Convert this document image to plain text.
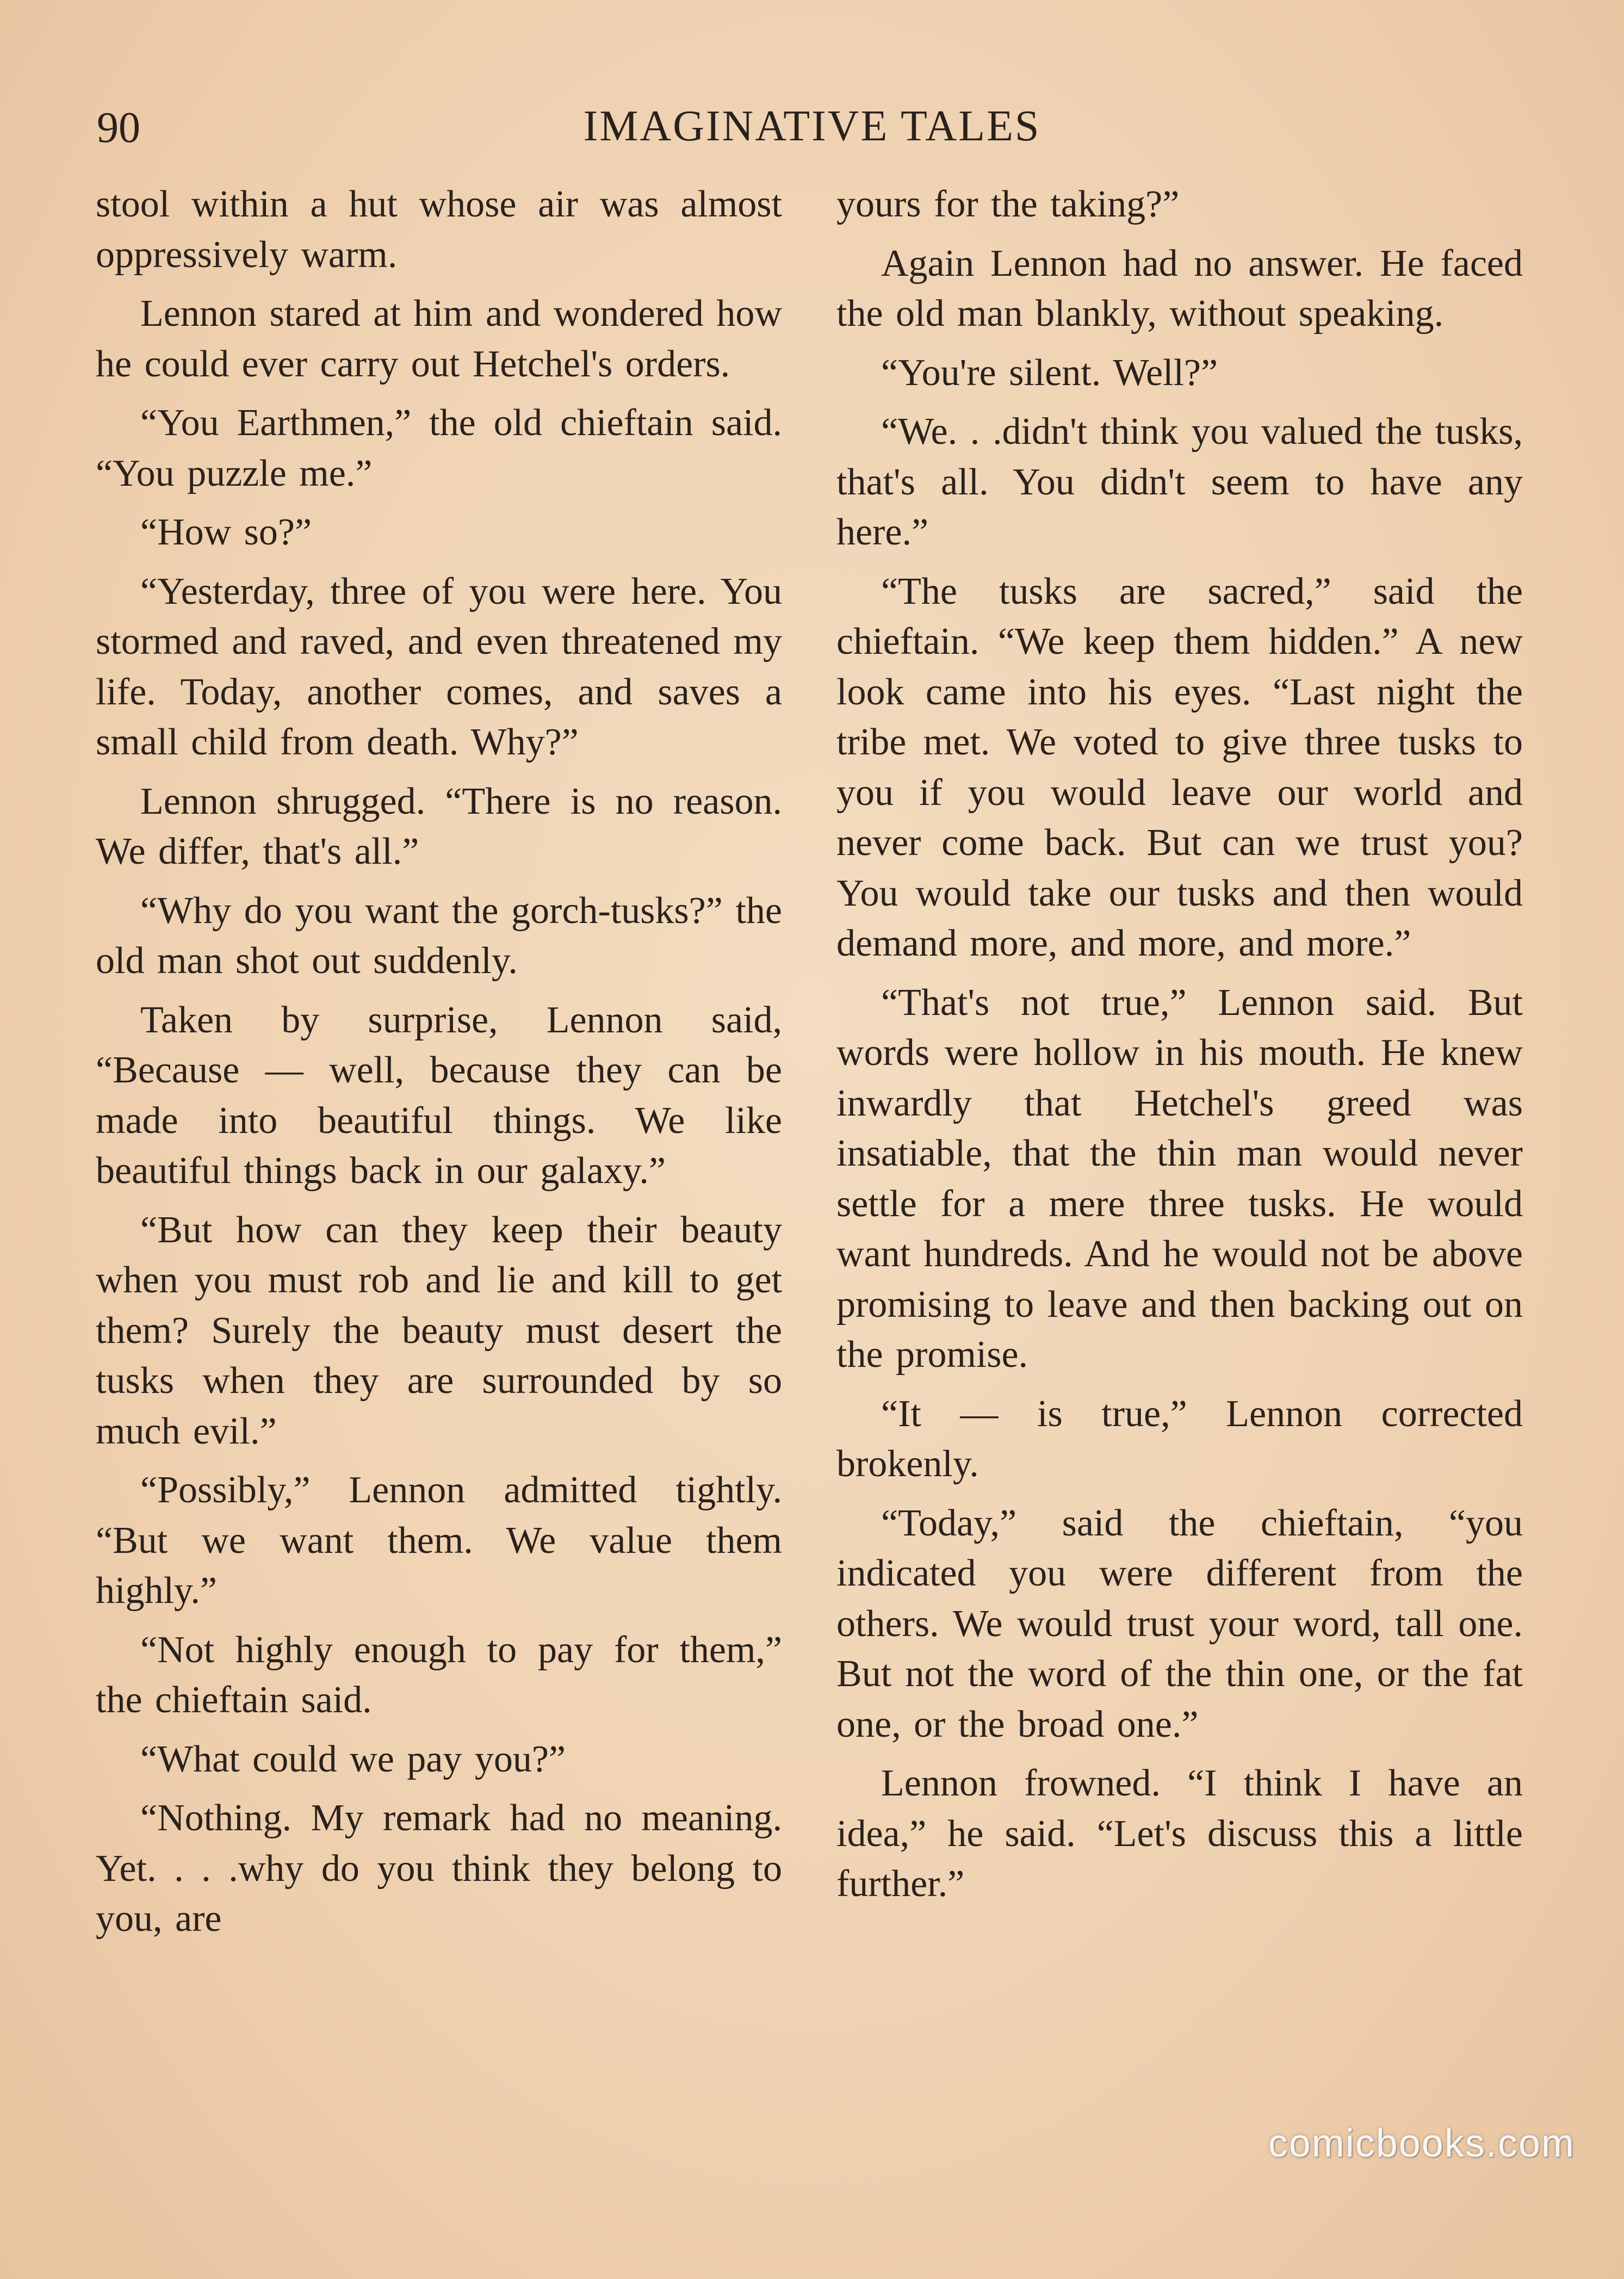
90	IMAGINATIVE TALES

stool within a hut whose air was almost oppressively warm.

Lennon stared at him and wondered how he could ever carry out Hetchel's orders.

“You Earthmen,” the old chieftain said. “You puzzle me.”

“How so?”

“Yesterday, three of you were here. You stormed and raved, and even threatened my life. Today, another comes, and saves a small child from death. Why?”

Lennon shrugged. “There is no reason. We differ, that's all.”

“Why do you want the gorch-tusks?” the old man shot out suddenly.

Taken by surprise, Lennon said, “Because — well, because they can be made into beautiful things. We like beautiful things back in our galaxy.”

“But how can they keep their beauty when you must rob and lie and kill to get them? Surely the beauty must desert the tusks when they are surrounded by so much evil.”

“Possibly,” Lennon admitted tightly. “But we want them. We value them highly.”

“Not highly enough to pay for them,” the chieftain said.

“What could we pay you?”

“Nothing. My remark had no meaning. Yet. . . .why do you think they belong to you, are

yours for the taking?”

Again Lennon had no answer. He faced the old man blankly, without speaking.

“You're silent. Well?”

“We. . .didn't think you valued the tusks, that's all. You didn't seem to have any here.”

“The tusks are sacred,” said the chieftain. “We keep them hidden.” A new look came into his eyes. “Last night the tribe met. We voted to give three tusks to you if you would leave our world and never come back. But can we trust you? You would take our tusks and then would demand more, and more, and more.”

“That's not true,” Lennon said. But words were hollow in his mouth. He knew inwardly that Hetchel's greed was insatiable, that the thin man would never settle for a mere three tusks. He would want hundreds. And he would not be above promising to leave and then backing out on the promise.

“It — is true,” Lennon corrected brokenly.

“Today,” said the chieftain, “you indicated you were different from the others. We would trust your word, tall one. But not the word of the thin one, or the fat one, or the broad one.”

Lennon frowned. “I think I have an idea,” he said. “Let's discuss this a little further.”

comicbooks.com
